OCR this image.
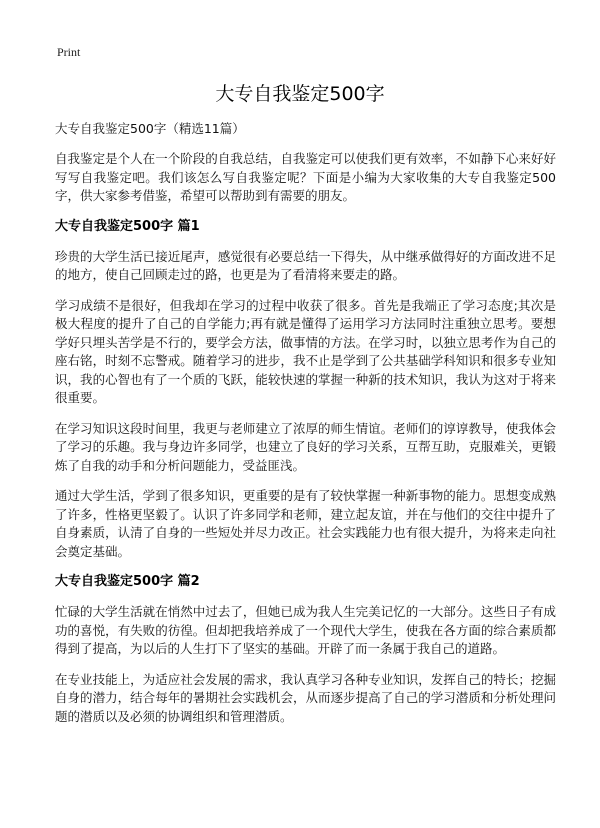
Print
大专自我鉴定500字

大专自我鉴定500字（精选11篇）

自我鉴定是个人在一个阶段的自我总结，自我鉴定可以使我们更有效率，不如静下心来好好写写自我鉴定吧。我们该怎么写自我鉴定呢？下面是小编为大家收集的大专自我鉴定500字，供大家参考借鉴，希望可以帮助到有需要的朋友。

大专自我鉴定500字 篇1

珍贵的大学生活已接近尾声，感觉很有必要总结一下得失，从中继承做得好的方面改进不足的地方，使自己回顾走过的路，也更是为了看清将来要走的路。

学习成绩不是很好，但我却在学习的过程中收获了很多。首先是我端正了学习态度;其次是极大程度的提升了自己的自学能力;再有就是懂得了运用学习方法同时注重独立思考。要想学好只埋头苦学是不行的，要学会方法，做事情的方法。在学习时，以独立思考作为自己的座右铭，时刻不忘警戒。随着学习的进步，我不止是学到了公共基础学科知识和很多专业知识，我的心智也有了一个质的飞跃，能较快速的掌握一种新的技术知识，我认为这对于将来很重要。

在学习知识这段时间里，我更与老师建立了浓厚的师生情谊。老师们的谆谆教导，使我体会了学习的乐趣。我与身边许多同学，也建立了良好的学习关系，互帮互助，克服难关，更锻炼了自我的动手和分析问题能力，受益匪浅。

通过大学生活，学到了很多知识，更重要的是有了较快掌握一种新事物的能力。思想变成熟了许多，性格更坚毅了。认识了许多同学和老师，建立起友谊，并在与他们的交往中提升了自身素质，认清了自身的一些短处并尽力改正。社会实践能力也有很大提升，为将来走向社会奠定基础。

大专自我鉴定500字 篇2

忙碌的大学生活就在悄然中过去了，但她已成为我人生完美记忆的一大部分。这些日子有成功的喜悦，有失败的彷徨。但却把我培养成了一个现代大学生，使我在各方面的综合素质都得到了提高，为以后的人生打下了坚实的基础。开辟了而一条属于我自己的道路。

在专业技能上，为适应社会发展的需求，我认真学习各种专业知识，发挥自己的特长；挖掘自身的潜力，结合每年的暑期社会实践机会，从而逐步提高了自己的学习潜质和分析处理问题的潜质以及必须的协调组织和管理潜质。
